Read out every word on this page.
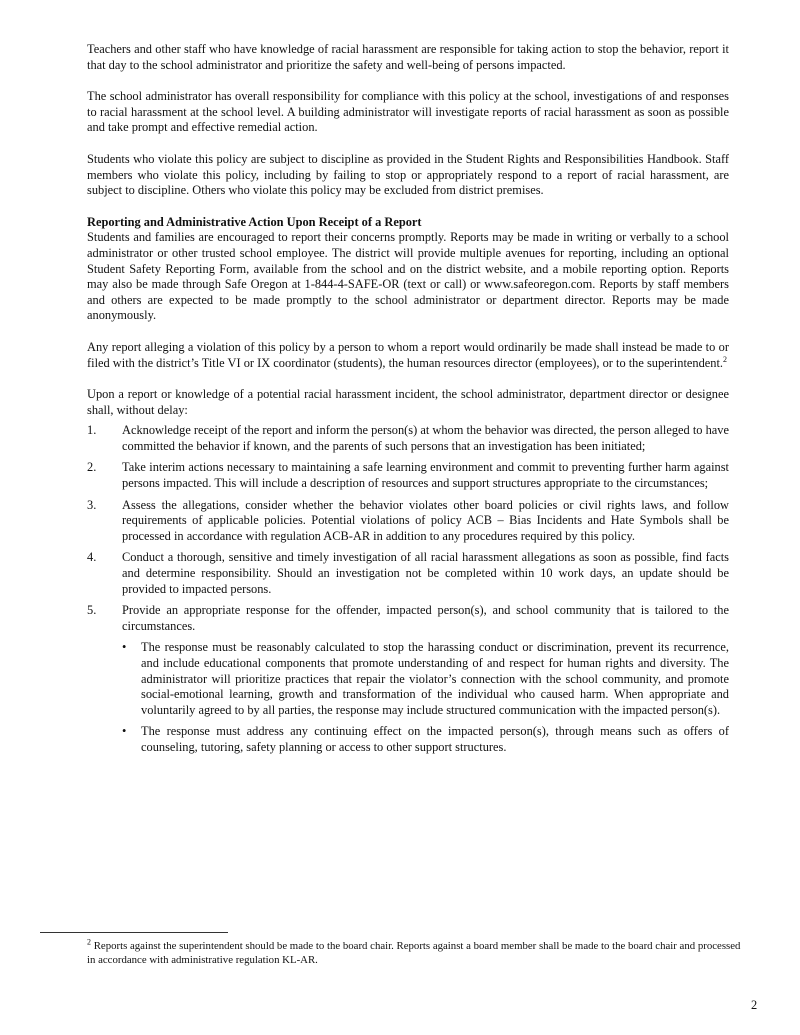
Teachers and other staff who have knowledge of racial harassment are responsible for taking action to stop the behavior, report it that day to the school administrator and prioritize the safety and well-being of persons impacted.

The school administrator has overall responsibility for compliance with this policy at the school, investigations of and responses to racial harassment at the school level. A building administrator will investigate reports of racial harassment as soon as possible and take prompt and effective remedial action.

Students who violate this policy are subject to discipline as provided in the Student Rights and Responsibilities Handbook. Staff members who violate this policy, including by failing to stop or appropriately respond to a report of racial harassment, are subject to discipline. Others who violate this policy may be excluded from district premises.

Reporting and Administrative Action Upon Receipt of a Report

Students and families are encouraged to report their concerns promptly. Reports may be made in writing or verbally to a school administrator or other trusted school employee. The district will provide multiple avenues for reporting, including an optional Student Safety Reporting Form, available from the school and on the district website, and a mobile reporting option. Reports may also be made through Safe Oregon at 1-844-4-SAFE-OR (text or call) or www.safeoregon.com. Reports by staff members and others are expected to be made promptly to the school administrator or department director. Reports may be made anonymously.

Any report alleging a violation of this policy by a person to whom a report would ordinarily be made shall instead be made to or filed with the district’s Title VI or IX coordinator (students), the human resources director (employees), or to the superintendent.$^2$

Upon a report or knowledge of a potential racial harassment incident, the school administrator, department director or designee shall, without delay:

1. Acknowledge receipt of the report and inform the person(s) at whom the behavior was directed, the person alleged to have committed the behavior if known, and the parents of such persons that an investigation has been initiated;
2. Take interim actions necessary to maintaining a safe learning environment and commit to preventing further harm against persons impacted. This will include a description of resources and support structures appropriate to the circumstances;
3. Assess the allegations, consider whether the behavior violates other board policies or civil rights laws, and follow requirements of applicable policies. Potential violations of policy ACB – Bias Incidents and Hate Symbols shall be processed in accordance with regulation ACB-AR in addition to any procedures required by this policy.
4. Conduct a thorough, sensitive and timely investigation of all racial harassment allegations as soon as possible, find facts and determine responsibility. Should an investigation not be completed within 10 work days, an update should be provided to impacted persons.
5. Provide an appropriate response for the offender, impacted person(s), and school community that is tailored to the circumstances.
• The response must be reasonably calculated to stop the harassing conduct or discrimination, prevent its recurrence, and include educational components that promote understanding of and respect for human rights and diversity. The administrator will prioritize practices that repair the violator’s connection with the school community, and promote social-emotional learning, growth and transformation of the individual who caused harm. When appropriate and voluntarily agreed to by all parties, the response may include structured communication with the impacted person(s).
• The response must address any continuing effect on the impacted person(s), through means such as offers of counseling, tutoring, safety planning or access to other support structures.
$^2$ Reports against the superintendent should be made to the board chair. Reports against a board member shall be made to the board chair and processed in accordance with administrative regulation KL-AR.
2
